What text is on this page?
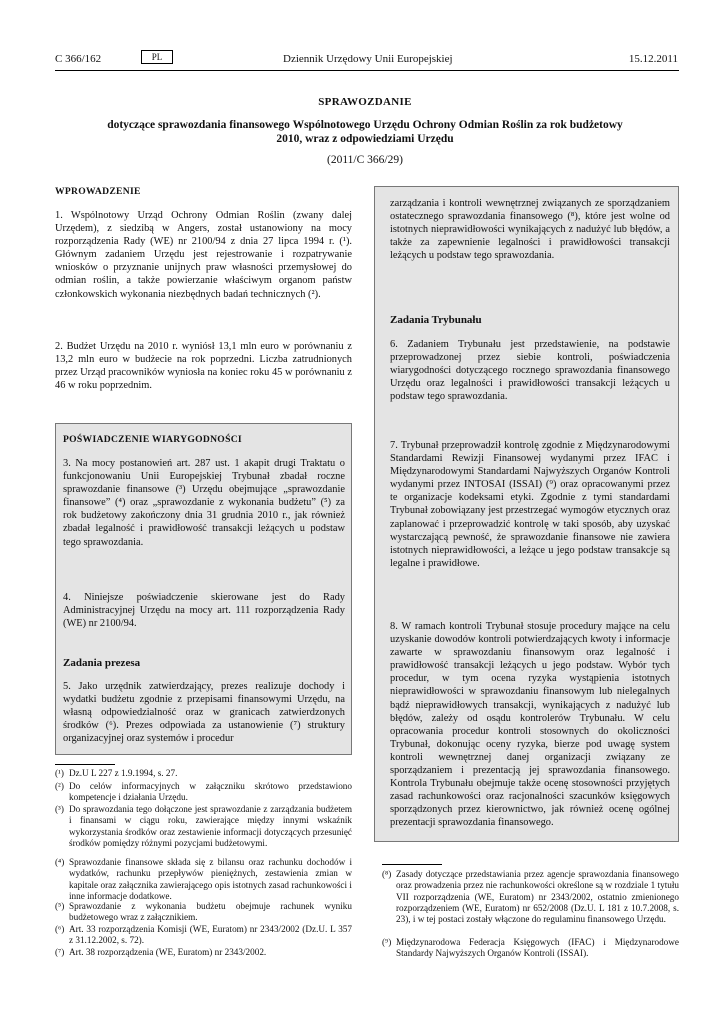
C 366/162	PL	Dziennik Urzędowy Unii Europejskiej	15.12.2011
SPRAWOZDANIE
dotyczące sprawozdania finansowego Wspólnotowego Urzędu Ochrony Odmian Roślin za rok budżetowy 2010, wraz z odpowiedziami Urzędu
(2011/C 366/29)
WPROWADZENIE
1. Wspólnotowy Urząd Ochrony Odmian Roślin (zwany dalej Urzędem), z siedzibą w Angers, został ustanowiony na mocy rozporządzenia Rady (WE) nr 2100/94 z dnia 27 lipca 1994 r. (¹). Głównym zadaniem Urzędu jest rejestrowanie i rozpatrywanie wniosków o przyznanie unijnych praw własności przemysłowej do odmian roślin, a także powierzanie właściwym organom państw członkowskich wykonania niezbędnych badań technicznych (²).
2. Budżet Urzędu na 2010 r. wyniósł 13,1 mln euro w porównaniu z 13,2 mln euro w budżecie na rok poprzedni. Liczba zatrudnionych przez Urząd pracowników wyniosła na koniec roku 45 w porównaniu z 46 w roku poprzednim.
POŚWIADCZENIE WIARYGODNOŚCI
3. Na mocy postanowień art. 287 ust. 1 akapit drugi Traktatu o funkcjonowaniu Unii Europejskiej Trybunał zbadał roczne sprawozdanie finansowe (³) Urzędu obejmujące „sprawozdanie finansowe” (⁴) oraz „sprawozdanie z wykonania budżetu” (⁵) za rok budżetowy zakończony dnia 31 grudnia 2010 r., jak również zbadał legalność i prawidłowość transakcji leżących u podstaw tego sprawozdania.
4. Niniejsze poświadczenie skierowane jest do Rady Administracyjnej Urzędu na mocy art. 111 rozporządzenia Rady (WE) nr 2100/94.
Zadania prezesa
5. Jako urzędnik zatwierdzający, prezes realizuje dochody i wydatki budżetu zgodnie z przepisami finansowymi Urzędu, na własną odpowiedzialność oraz w granicach zatwierdzonych środków (⁶). Prezes odpowiada za ustanowienie (⁷) struktury organizacyjnej oraz systemów i procedur
zarządzania i kontroli wewnętrznej związanych ze sporządzaniem ostatecznego sprawozdania finansowego (⁸), które jest wolne od istotnych nieprawidłowości wynikających z nadużyć lub błędów, a także za zapewnienie legalności i prawidłowości transakcji leżących u podstaw tego sprawozdania.
Zadania Trybunału
6. Zadaniem Trybunału jest przedstawienie, na podstawie przeprowadzonej przez siebie kontroli, poświadczenia wiarygodności dotyczącego rocznego sprawozdania finansowego Urzędu oraz legalności i prawidłowości transakcji leżących u podstaw tego sprawozdania.
7. Trybunał przeprowadził kontrolę zgodnie z Międzynarodowymi Standardami Rewizji Finansowej wydanymi przez IFAC i Międzynarodowymi Standardami Najwyższych Organów Kontroli wydanymi przez INTOSAI (ISSAI) (⁹) oraz opracowanymi przez te organizacje kodeksami etyki. Zgodnie z tymi standardami Trybunał zobowiązany jest przestrzegać wymogów etycznych oraz zaplanować i przeprowadzić kontrolę w taki sposób, aby uzyskać wystarczającą pewność, że sprawozdanie finansowe nie zawiera istotnych nieprawidłowości, a leżące u jego podstaw transakcje są legalne i prawidłowe.
8. W ramach kontroli Trybunał stosuje procedury mające na celu uzyskanie dowodów kontroli potwierdzających kwoty i informacje zawarte w sprawozdaniu finansowym oraz legalność i prawidłowość transakcji leżących u jego podstaw. Wybór tych procedur, w tym ocena ryzyka wystąpienia istotnych nieprawidłowości w sprawozdaniu finansowym lub nielegalnych bądź nieprawidłowych transakcji, wynikających z nadużyć lub błędów, zależy od osądu kontrolerów Trybunału. W celu opracowania procedur kontroli stosownych do okoliczności Trybunał, dokonując oceny ryzyka, bierze pod uwagę system kontroli wewnętrznej danej organizacji związany ze sporządzaniem i prezentacją jej sprawozdania finansowego. Kontrola Trybunału obejmuje także ocenę stosowności przyjętych zasad rachunkowości oraz racjonalności szacunków księgowych sporządzonych przez kierownictwo, jak również ocenę ogólnej prezentacji sprawozdania finansowego.
(¹) Dz.U L 227 z 1.9.1994, s. 27.
(²) Do celów informacyjnych w załączniku skrótowo przedstawiono kompetencje i działania Urzędu.
(³) Do sprawozdania tego dołączone jest sprawozdanie z zarządzania budżetem i finansami w ciągu roku, zawierające między innymi wskaźnik wykorzystania środków oraz zestawienie informacji dotyczących przesunięć środków pomiędzy różnymi pozycjami budżetowymi.
(⁴) Sprawozdanie finansowe składa się z bilansu oraz rachunku dochodów i wydatków, rachunku przepływów pieniężnych, zestawienia zmian w kapitale oraz załącznika zawierającego opis istotnych zasad rachunkowości i inne informacje dodatkowe.
(⁵) Sprawozdanie z wykonania budżetu obejmuje rachunek wyniku budżetowego wraz z załącznikiem.
(⁶) Art. 33 rozporządzenia Komisji (WE, Euratom) nr 2343/2002 (Dz.U. L 357 z 31.12.2002, s. 72).
(⁷) Art. 38 rozporządzenia (WE, Euratom) nr 2343/2002.
(⁸) Zasady dotyczące przedstawiania przez agencje sprawozdania finansowego oraz prowadzenia przez nie rachunkowości określone są w rozdziale 1 tytułu VII rozporządzenia (WE, Euratom) nr 2343/2002, ostatnio zmienionego rozporządzeniem (WE, Euratom) nr 652/2008 (Dz.U. L 181 z 10.7.2008, s. 23), i w tej postaci zostały włączone do regulaminu finansowego Urzędu.
(⁹) Międzynarodowa Federacja Księgowych (IFAC) i Międzynarodowe Standardy Najwyższych Organów Kontroli (ISSAI).
